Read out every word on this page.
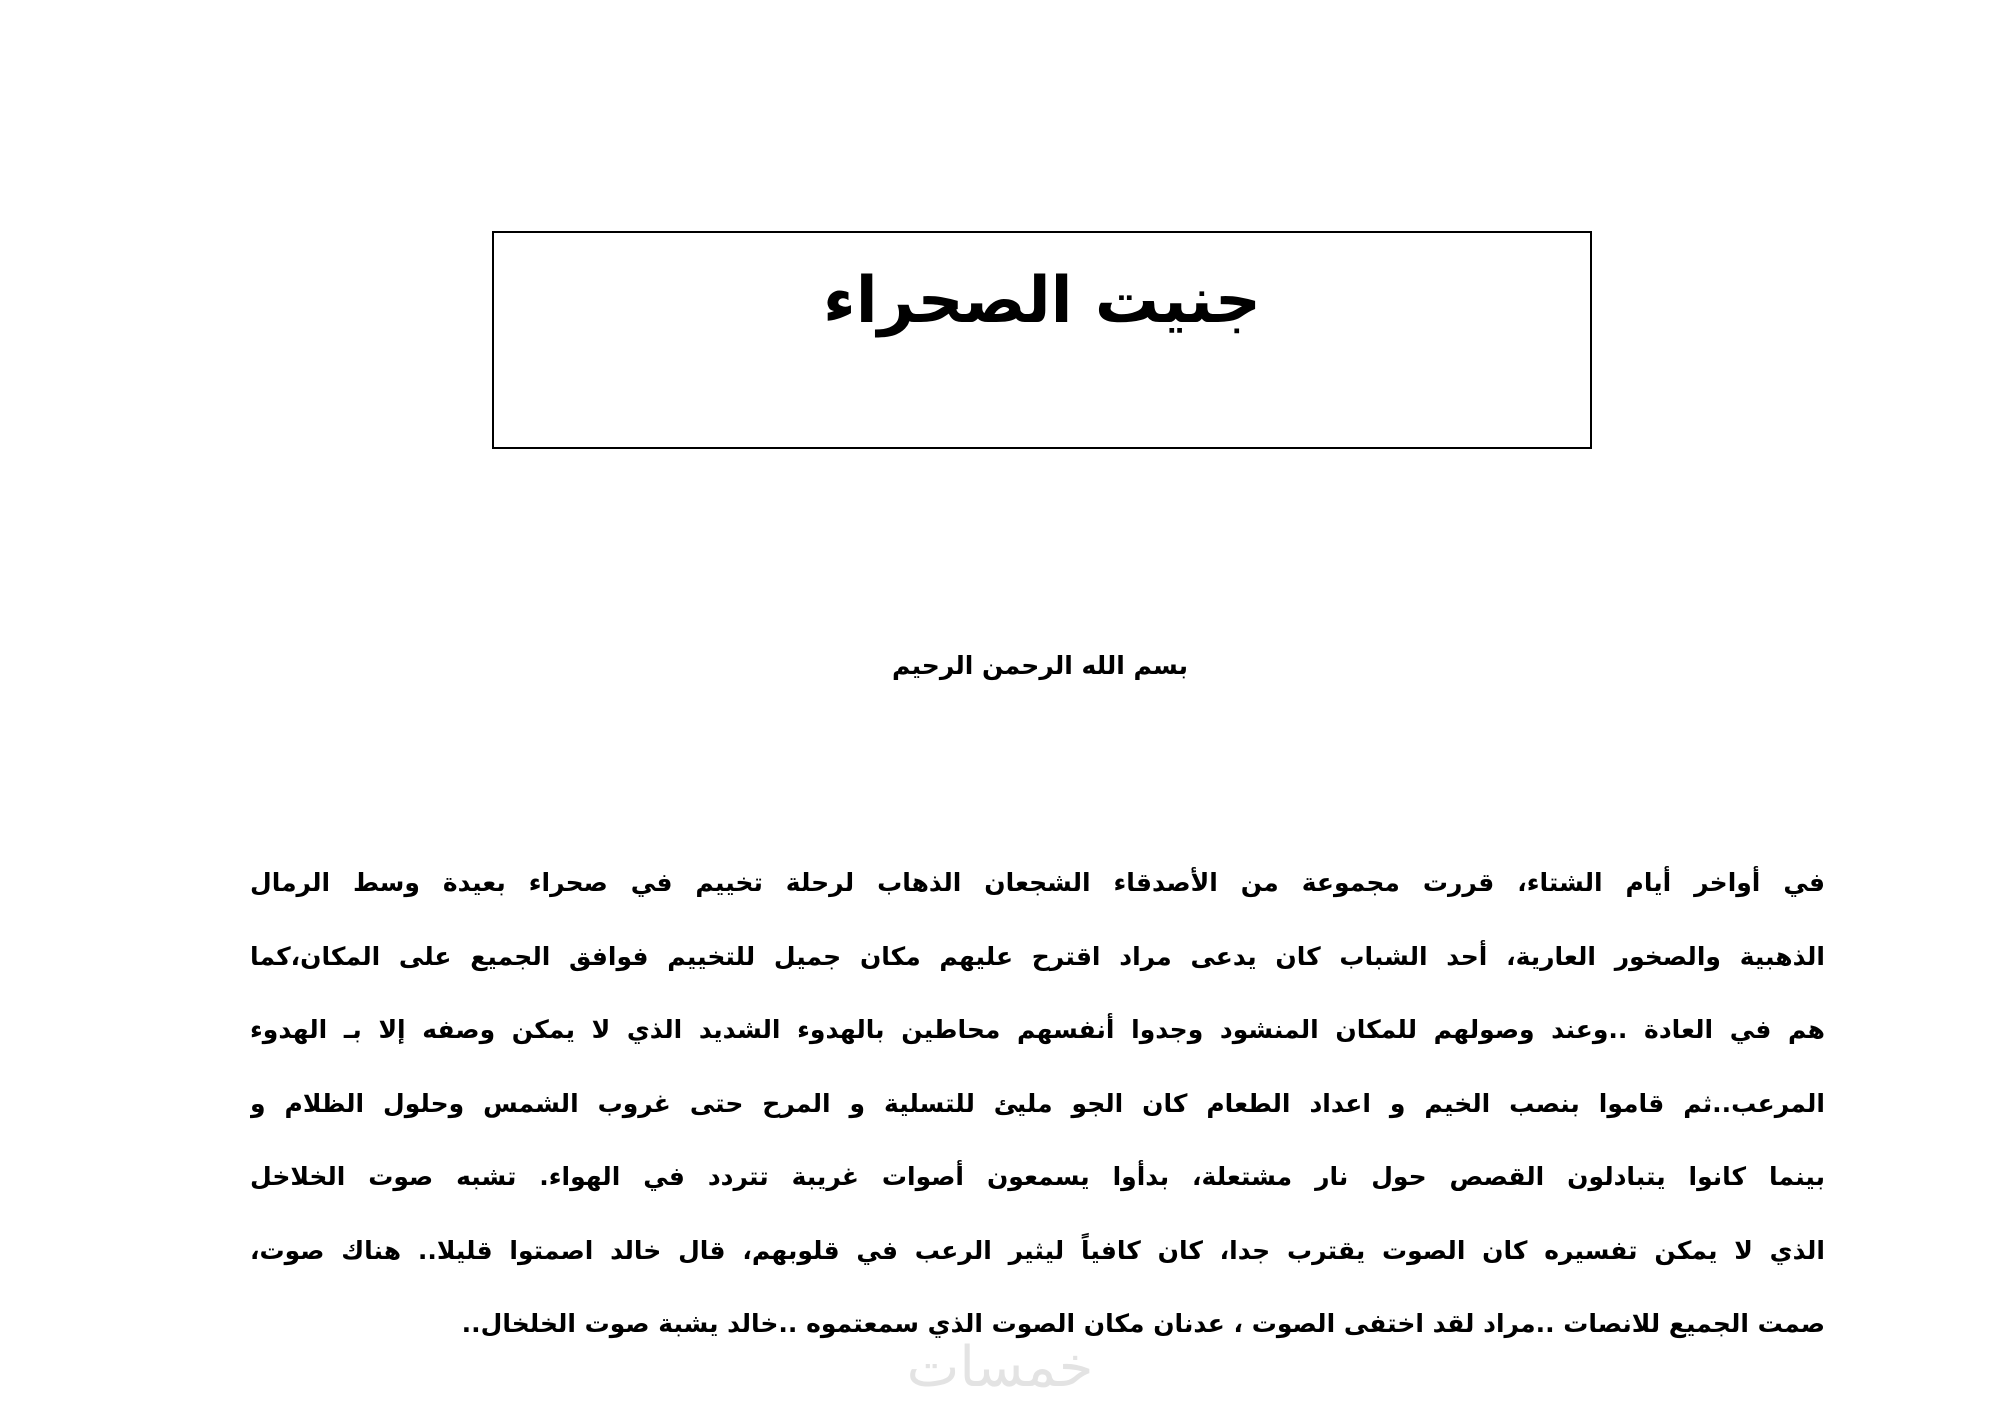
جنيت الصحراء

بسم الله الرحمن الرحيم

في أواخر أيام الشتاء، قررت مجموعة من الأصدقاء الشجعان الذهاب لرحلة تخييم في صحراء بعيدة وسط الرمال

الذهبية والصخور العارية، أحد الشباب كان يدعى مراد اقترح عليهم مكان جميل للتخييم فوافق الجميع على المكان،كما

هم في العادة ..وعند وصولهم للمكان المنشود وجدوا أنفسهم محاطين بالهدوء الشديد الذي لا يمكن وصفه إلا بـ الهدوء

المرعب..ثم قاموا بنصب الخيم و اعداد الطعام كان الجو مليئ للتسلية و المرح حتى غروب الشمس وحلول الظلام و

بينما كانوا يتبادلون القصص حول نار مشتعلة، بدأوا يسمعون أصوات غريبة تتردد في الهواء. تشبه صوت الخلاخل

الذي لا يمكن تفسيره كان الصوت يقترب جدا، كان كافياً ليثير الرعب في قلوبهم، قال خالد اصمتوا قليلا.. هناك صوت،

صمت الجميع للانصات ..مراد لقد اختفى الصوت ، عدنان مكان الصوت الذي سمعتموه ..خالد يشبة صوت الخلخال..

خمسات
